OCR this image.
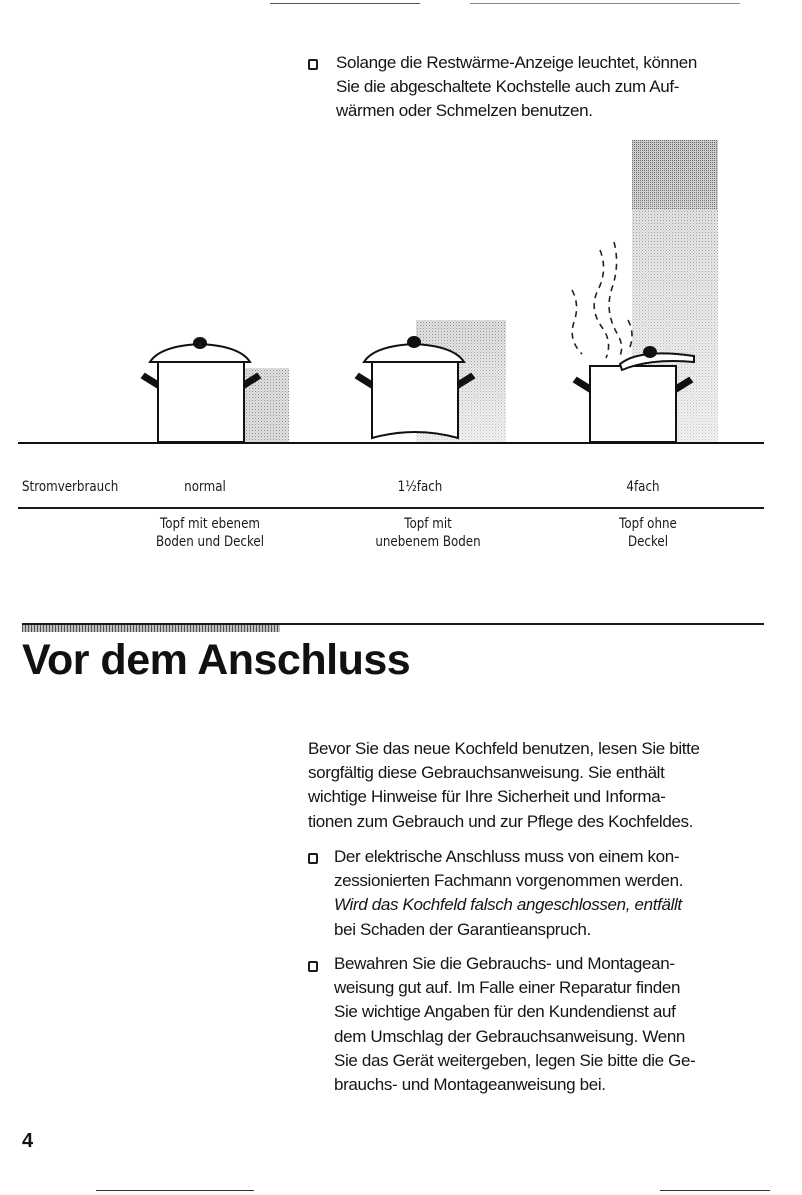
Solange die Restwärme-Anzeige leuchtet, können
Sie die abgeschaltete Kochstelle auch zum Auf-
wärmen oder Schmelzen benutzen.

Stromverbrauch	normal	1½fach	4fach
Topf mit ebenem
Boden und Deckel
Topf mit
unebenem Boden
Topf ohne
Deckel
Vor dem Anschluss

Bevor Sie das neue Kochfeld benutzen, lesen Sie bitte
sorgfältig diese Gebrauchsanweisung. Sie enthält
wichtige Hinweise für Ihre Sicherheit und Informa-
tionen zum Gebrauch und zur Pflege des Kochfeldes.

Der elektrische Anschluss muss von einem kon-
zessionierten Fachmann vorgenommen werden.
Wird das Kochfeld falsch angeschlossen, entfällt
bei Schaden der Garantieanspruch.

Bewahren Sie die Gebrauchs- und Montagean-
weisung gut auf. Im Falle einer Reparatur finden
Sie wichtige Angaben für den Kundendienst auf
dem Umschlag der Gebrauchsanweisung. Wenn
Sie das Gerät weitergeben, legen Sie bitte die Ge-
brauchs- und Montageanweisung bei.

4
